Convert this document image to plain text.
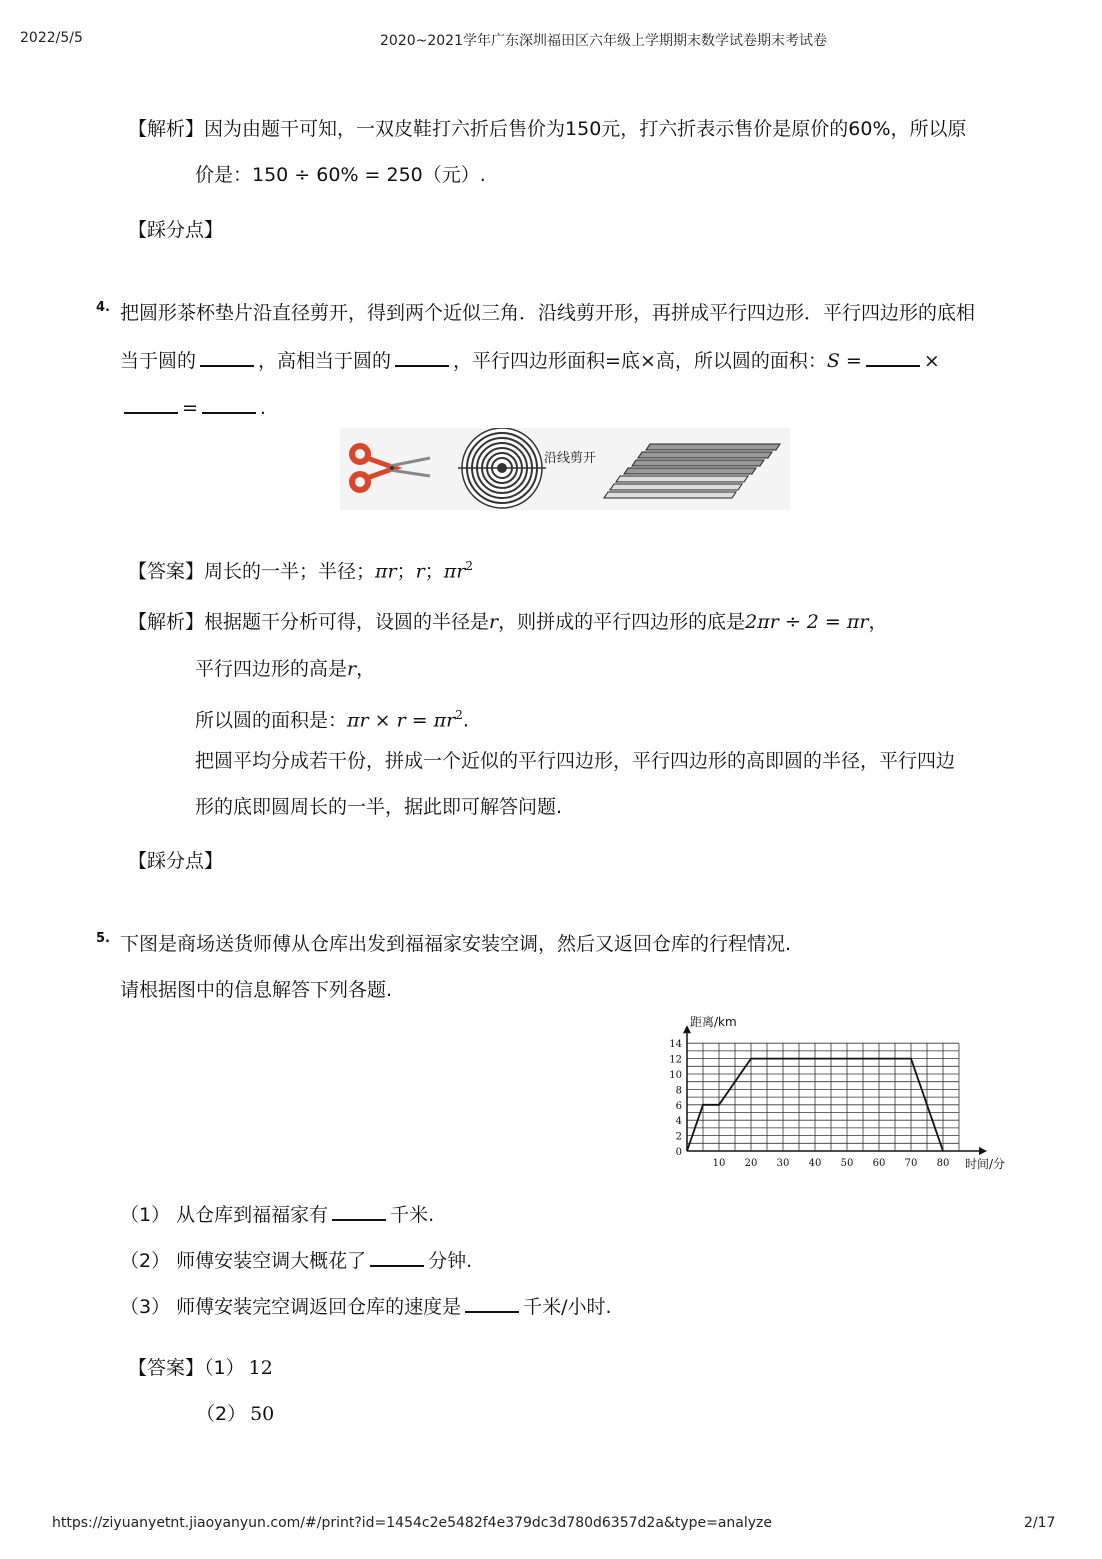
2022/5/5	2020~2021学年广东深圳福田区六年级上学期期末数学试卷期末考试卷
【解析】因为由题干可知，一双皮鞋打六折后售价为150元，打六折表示售价是原价的60%，所以原
价是：150 ÷ 60% = 250（元）.
【踩分点】
4. 把圆形茶杯垫片沿直径剪开，得到两个近似三角．沿线剪开形，再拼成平行四边形．平行四边形的底相
当于圆的	，高相当于圆的	，平行四边形面积=底×高，所以圆的面积：S =	×
=	.
沿线剪开
【答案】周长的一半；半径；πr；r；$\pi r^2$
【解析】根据题干分析可得，设圆的半径是r，则拼成的平行四边形的底是2πr ÷ 2 = πr，
平行四边形的高是r，
所以圆的面积是：$\pi r \times r = \pi r^2$.
把圆平均分成若干份，拼成一个近似的平行四边形，平行四边形的高即圆的半径，平行四边
形的底即圆周长的一半，据此即可解答问题.
【踩分点】
5. 下图是商场送货师傅从仓库出发到福福家安装空调，然后又返回仓库的行程情况.
请根据图中的信息解答下列各题.
10 20 30 40 50 60 70 80
0
2
4
6
8
10
12
14
距离/km
时间/分
（1） 从仓库到福福家有	千米.
（2） 师傅安装空调大概花了	分钟.
（3） 师傅安装完空调返回仓库的速度是	千米/小时.
【答案】（1） 12
（2） 50
https://ziyuanyetnt.jiaoyanyun.com/#/print?id=1454c2e5482f4e379dc3d780d6357d2a&type=analyze	2/17
